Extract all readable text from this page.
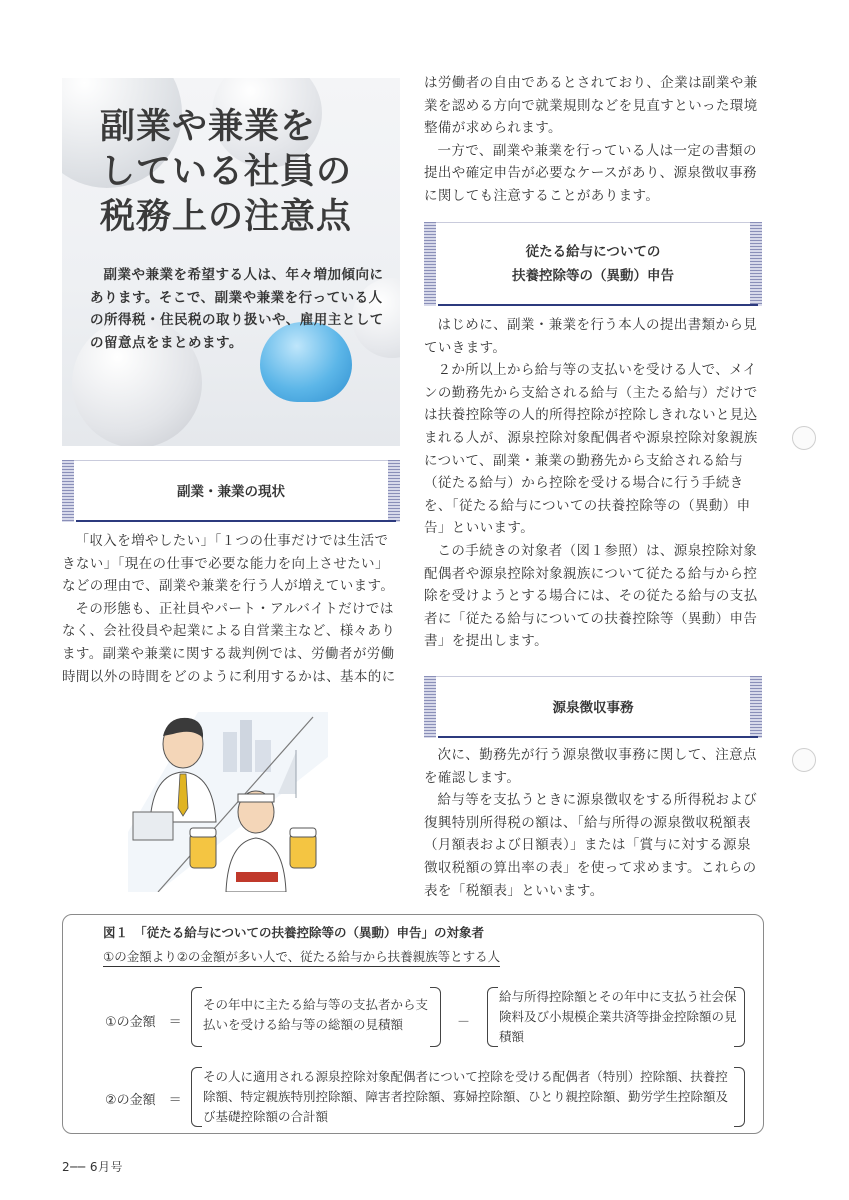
副業や兼業を
している社員の
税務上の注意点

副業や兼業を希望する人は、年々増加傾向にあります。そこで、副業や兼業を行っている人の所得税・住民税の取り扱いや、雇用主としての留意点をまとめます。

副業・兼業の現状

「収入を増やしたい」「１つの仕事だけでは生活できない」「現在の仕事で必要な能力を向上させたい」などの理由で、副業や兼業を行う人が増えています。

その形態も、正社員やパート・アルバイトだけではなく、会社役員や起業による自営業主など、様々あります。副業や兼業に関する裁判例では、労働者が労働時間以外の時間をどのように利用するかは、基本的に

は労働者の自由であるとされており、企業は副業や兼業を認める方向で就業規則などを見直すといった環境整備が求められます。

一方で、副業や兼業を行っている人は一定の書類の提出や確定申告が必要なケースがあり、源泉徴収事務に関しても注意することがあります。

従たる給与についての
扶養控除等の（異動）申告

はじめに、副業・兼業を行う本人の提出書類から見ていきます。

２か所以上から給与等の支払いを受ける人で、メインの勤務先から支給される給与（主たる給与）だけでは扶養控除等の人的所得控除が控除しきれないと見込まれる人が、源泉控除対象配偶者や源泉控除対象親族について、副業・兼業の勤務先から支給される給与（従たる給与）から控除を受ける場合に行う手続きを、「従たる給与についての扶養控除等の（異動）申告」といいます。

この手続きの対象者（図１参照）は、源泉控除対象配偶者や源泉控除対象親族について従たる給与から控除を受けようとする場合には、その従たる給与の支払者に「従たる給与についての扶養控除等（異動）申告書」を提出します。

源泉徴収事務

次に、勤務先が行う源泉徴収事務に関して、注意点を確認します。

給与等を支払うときに源泉徴収をする所得税および復興特別所得税の額は、「給与所得の源泉徴収税額表（月額表および日額表）」または「賞与に対する源泉徴収税額の算出率の表」を使って求めます。これらの表を「税額表」といいます。

図１　「従たる給与についての扶養控除等の（異動）申告」の対象者
①の金額より②の金額が多い人で、従たる給与から扶養親族等とする人
①の金額　＝
その年中に主たる給与等の支払者から支払いを受ける給与等の総額の見積額	－
給与所得控除額とその年中に支払う社会保険料及び小規模企業共済等掛金控除額の見積額
②の金額　＝
その人に適用される源泉控除対象配偶者について控除を受ける配偶者（特別）控除額、扶養控除額、特定親族特別控除額、障害者控除額、寡婦控除額、ひとり親控除額、勤労学生控除額及び基礎控除額の合計額
2── 6月号
